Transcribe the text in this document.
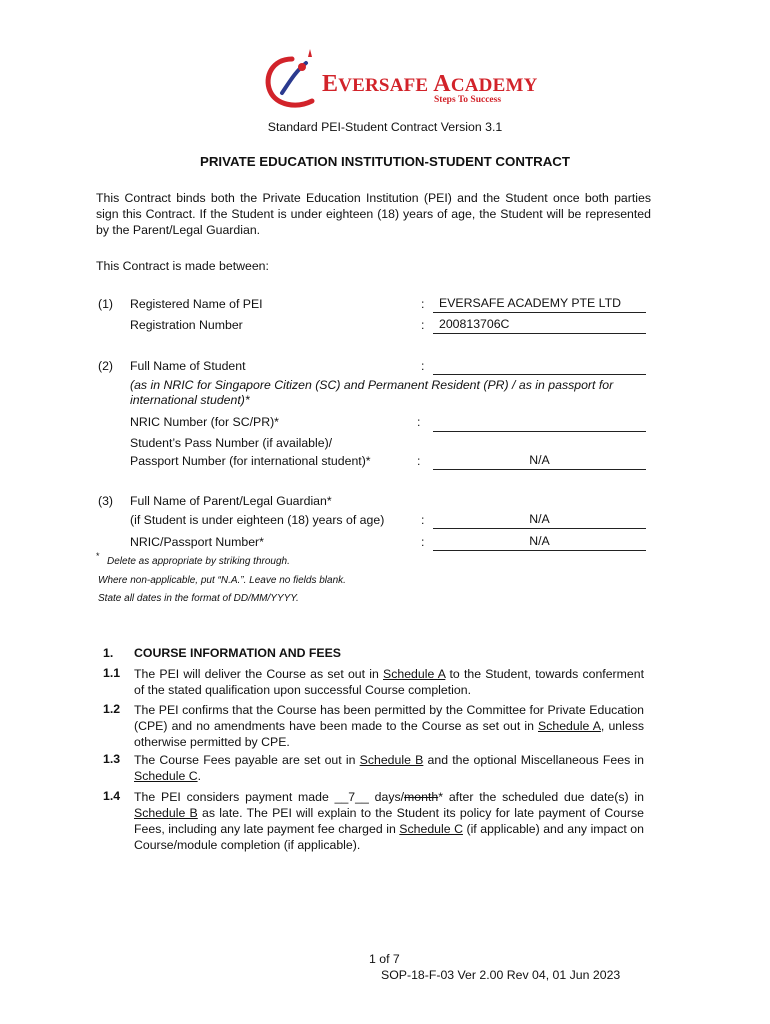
EVERSAFE ACADEMY
Steps To Success
Standard PEI-Student Contract Version 3.1
PRIVATE EDUCATION INSTITUTION-STUDENT CONTRACT
This Contract binds both the Private Education Institution (PEI) and the Student once both parties sign this Contract. If the Student is under eighteen (18) years of age, the Student will be represented by the Parent/Legal Guardian.
This Contract is made between:
(1) Registered Name of PEI	:	EVERSAFE ACADEMY PTE LTD
Registration Number	:	200813706C
(2) Full Name of Student	:
(as in NRIC for Singapore Citizen (SC) and Permanent Resident (PR) / as in passport for international student)*
NRIC Number (for SC/PR)*	:
Student’s Pass Number (if available)/
Passport Number (for international student)*	:	N/A
(3) Full Name of Parent/Legal Guardian*
(if Student is under eighteen (18) years of age)	:	N/A
NRIC/Passport Number*	:	N/A
* Delete as appropriate by striking through.
Where non-applicable, put “N.A.”. Leave no fields blank.
State all dates in the format of DD/MM/YYYY.
1. COURSE INFORMATION AND FEES
1.1 The PEI will deliver the Course as set out in Schedule A to the Student, towards conferment of the stated qualification upon successful Course completion.
1.2 The PEI confirms that the Course has been permitted by the Committee for Private Education (CPE) and no amendments have been made to the Course as set out in Schedule A, unless otherwise permitted by CPE.
1.3 The Course Fees payable are set out in Schedule B and the optional Miscellaneous Fees in Schedule C.
1.4 The PEI considers payment made __7__ days/month* after the scheduled due date(s) in Schedule B as late. The PEI will explain to the Student its policy for late payment of Course Fees, including any late payment fee charged in Schedule C (if applicable) and any impact on Course/module completion (if applicable).
1 of 7
SOP-18-F-03 Ver 2.00 Rev 04, 01 Jun 2023
